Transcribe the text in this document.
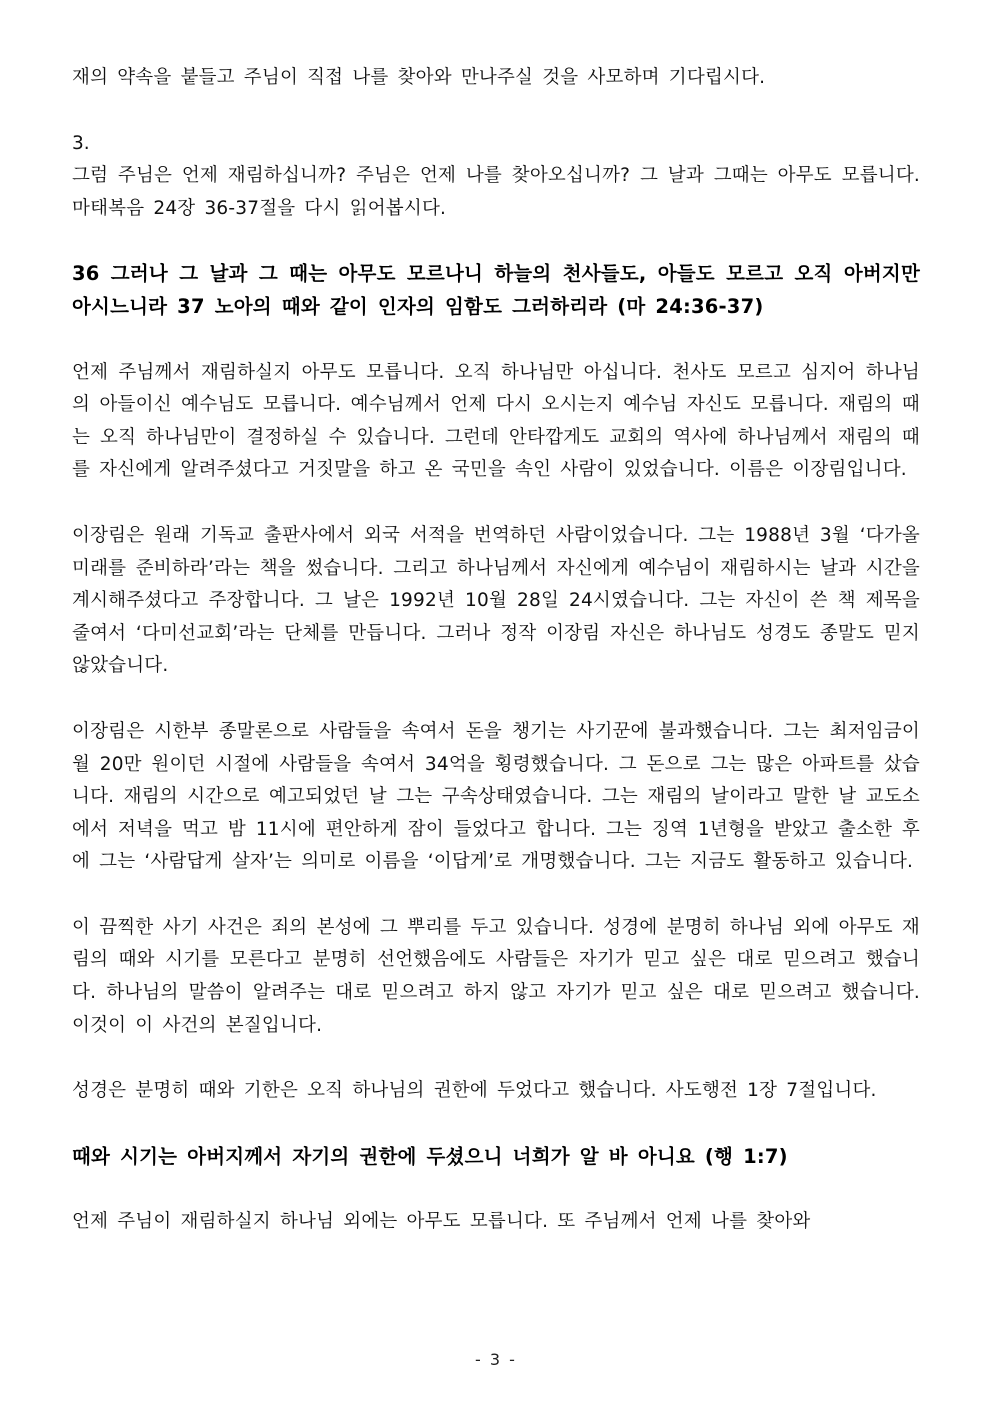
재의 약속을 붙들고 주님이 직접 나를 찾아와 만나주실 것을 사모하며 기다립시다.

3.

그럼 주님은 언제 재림하십니까? 주님은 언제 나를 찾아오십니까? 그 날과 그때는 아무도 모릅니다. 마태복음 24장 36-37절을 다시 읽어봅시다.

36 그러나 그 날과 그 때는 아무도 모르나니 하늘의 천사들도, 아들도 모르고 오직 아버지만 아시느니라 37 노아의 때와 같이 인자의 임함도 그러하리라 (마 24:36-37)

언제 주님께서 재림하실지 아무도 모릅니다. 오직 하나님만 아십니다. 천사도 모르고 심지어 하나님의 아들이신 예수님도 모릅니다. 예수님께서 언제 다시 오시는지 예수님 자신도 모릅니다. 재림의 때는 오직 하나님만이 결정하실 수 있습니다. 그런데 안타깝게도 교회의 역사에 하나님께서 재림의 때를 자신에게 알려주셨다고 거짓말을 하고 온 국민을 속인 사람이 있었습니다. 이름은 이장림입니다.

이장림은 원래 기독교 출판사에서 외국 서적을 번역하던 사람이었습니다. 그는 1988년 3월 ‘다가올 미래를 준비하라’라는 책을 썼습니다. 그리고 하나님께서 자신에게 예수님이 재림하시는 날과 시간을 계시해주셨다고 주장합니다. 그 날은 1992년 10월 28일 24시였습니다. 그는 자신이 쓴 책 제목을 줄여서 ‘다미선교회’라는 단체를 만듭니다. 그러나 정작 이장림 자신은 하나님도 성경도 종말도 믿지 않았습니다.

이장림은 시한부 종말론으로 사람들을 속여서 돈을 챙기는 사기꾼에 불과했습니다. 그는 최저임금이 월 20만 원이던 시절에 사람들을 속여서 34억을 횡령했습니다. 그 돈으로 그는 많은 아파트를 샀습니다. 재림의 시간으로 예고되었던 날 그는 구속상태였습니다. 그는 재림의 날이라고 말한 날 교도소에서 저녁을 먹고 밤 11시에 편안하게 잠이 들었다고 합니다. 그는 징역 1년형을 받았고 출소한 후에 그는 ‘사람답게 살자’는 의미로 이름을 ‘이답게’로 개명했습니다. 그는 지금도 활동하고 있습니다.

이 끔찍한 사기 사건은 죄의 본성에 그 뿌리를 두고 있습니다. 성경에 분명히 하나님 외에 아무도 재림의 때와 시기를 모른다고 분명히 선언했음에도 사람들은 자기가 믿고 싶은 대로 믿으려고 했습니다. 하나님의 말씀이 알려주는 대로 믿으려고 하지 않고 자기가 믿고 싶은 대로 믿으려고 했습니다. 이것이 이 사건의 본질입니다.

성경은 분명히 때와 기한은 오직 하나님의 권한에 두었다고 했습니다. 사도행전 1장 7절입니다.

때와 시기는 아버지께서 자기의 권한에 두셨으니 너희가 알 바 아니요 (행 1:7)

언제 주님이 재림하실지 하나님 외에는 아무도 모릅니다. 또 주님께서 언제 나를 찾아와

- 3 -
